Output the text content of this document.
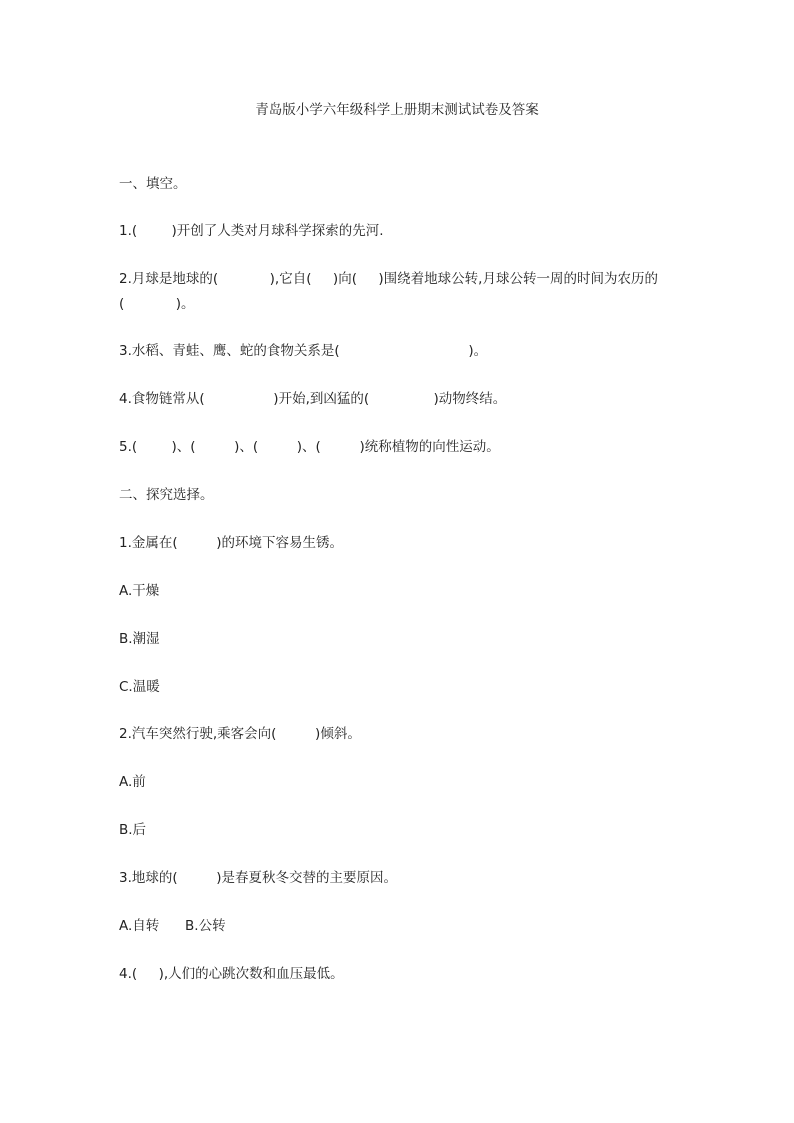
青岛版小学六年级科学上册期末测试试卷及答案
一、填空。
1.(        )开创了人类对月球科学探索的先河.
2.月球是地球的(            ),它自(     )向(     )围绕着地球公转,月球公转一周的时间为农历的
(            )。
3.水稻、青蛙、鹰、蛇的食物关系是(                              )。
4.食物链常从(                )开始,到凶猛的(               )动物终结。
5.(        )、(         )、(         )、(         )统称植物的向性运动。
二、探究选择。
1.金属在(         )的环境下容易生锈。
A.干燥
B.潮湿
C.温暖
2.汽车突然行驶,乘客会向(         )倾斜。
A.前
B.后
3.地球的(         )是春夏秋冬交替的主要原因。
A.自转      B.公转
4.(     ),人们的心跳次数和血压最低。
